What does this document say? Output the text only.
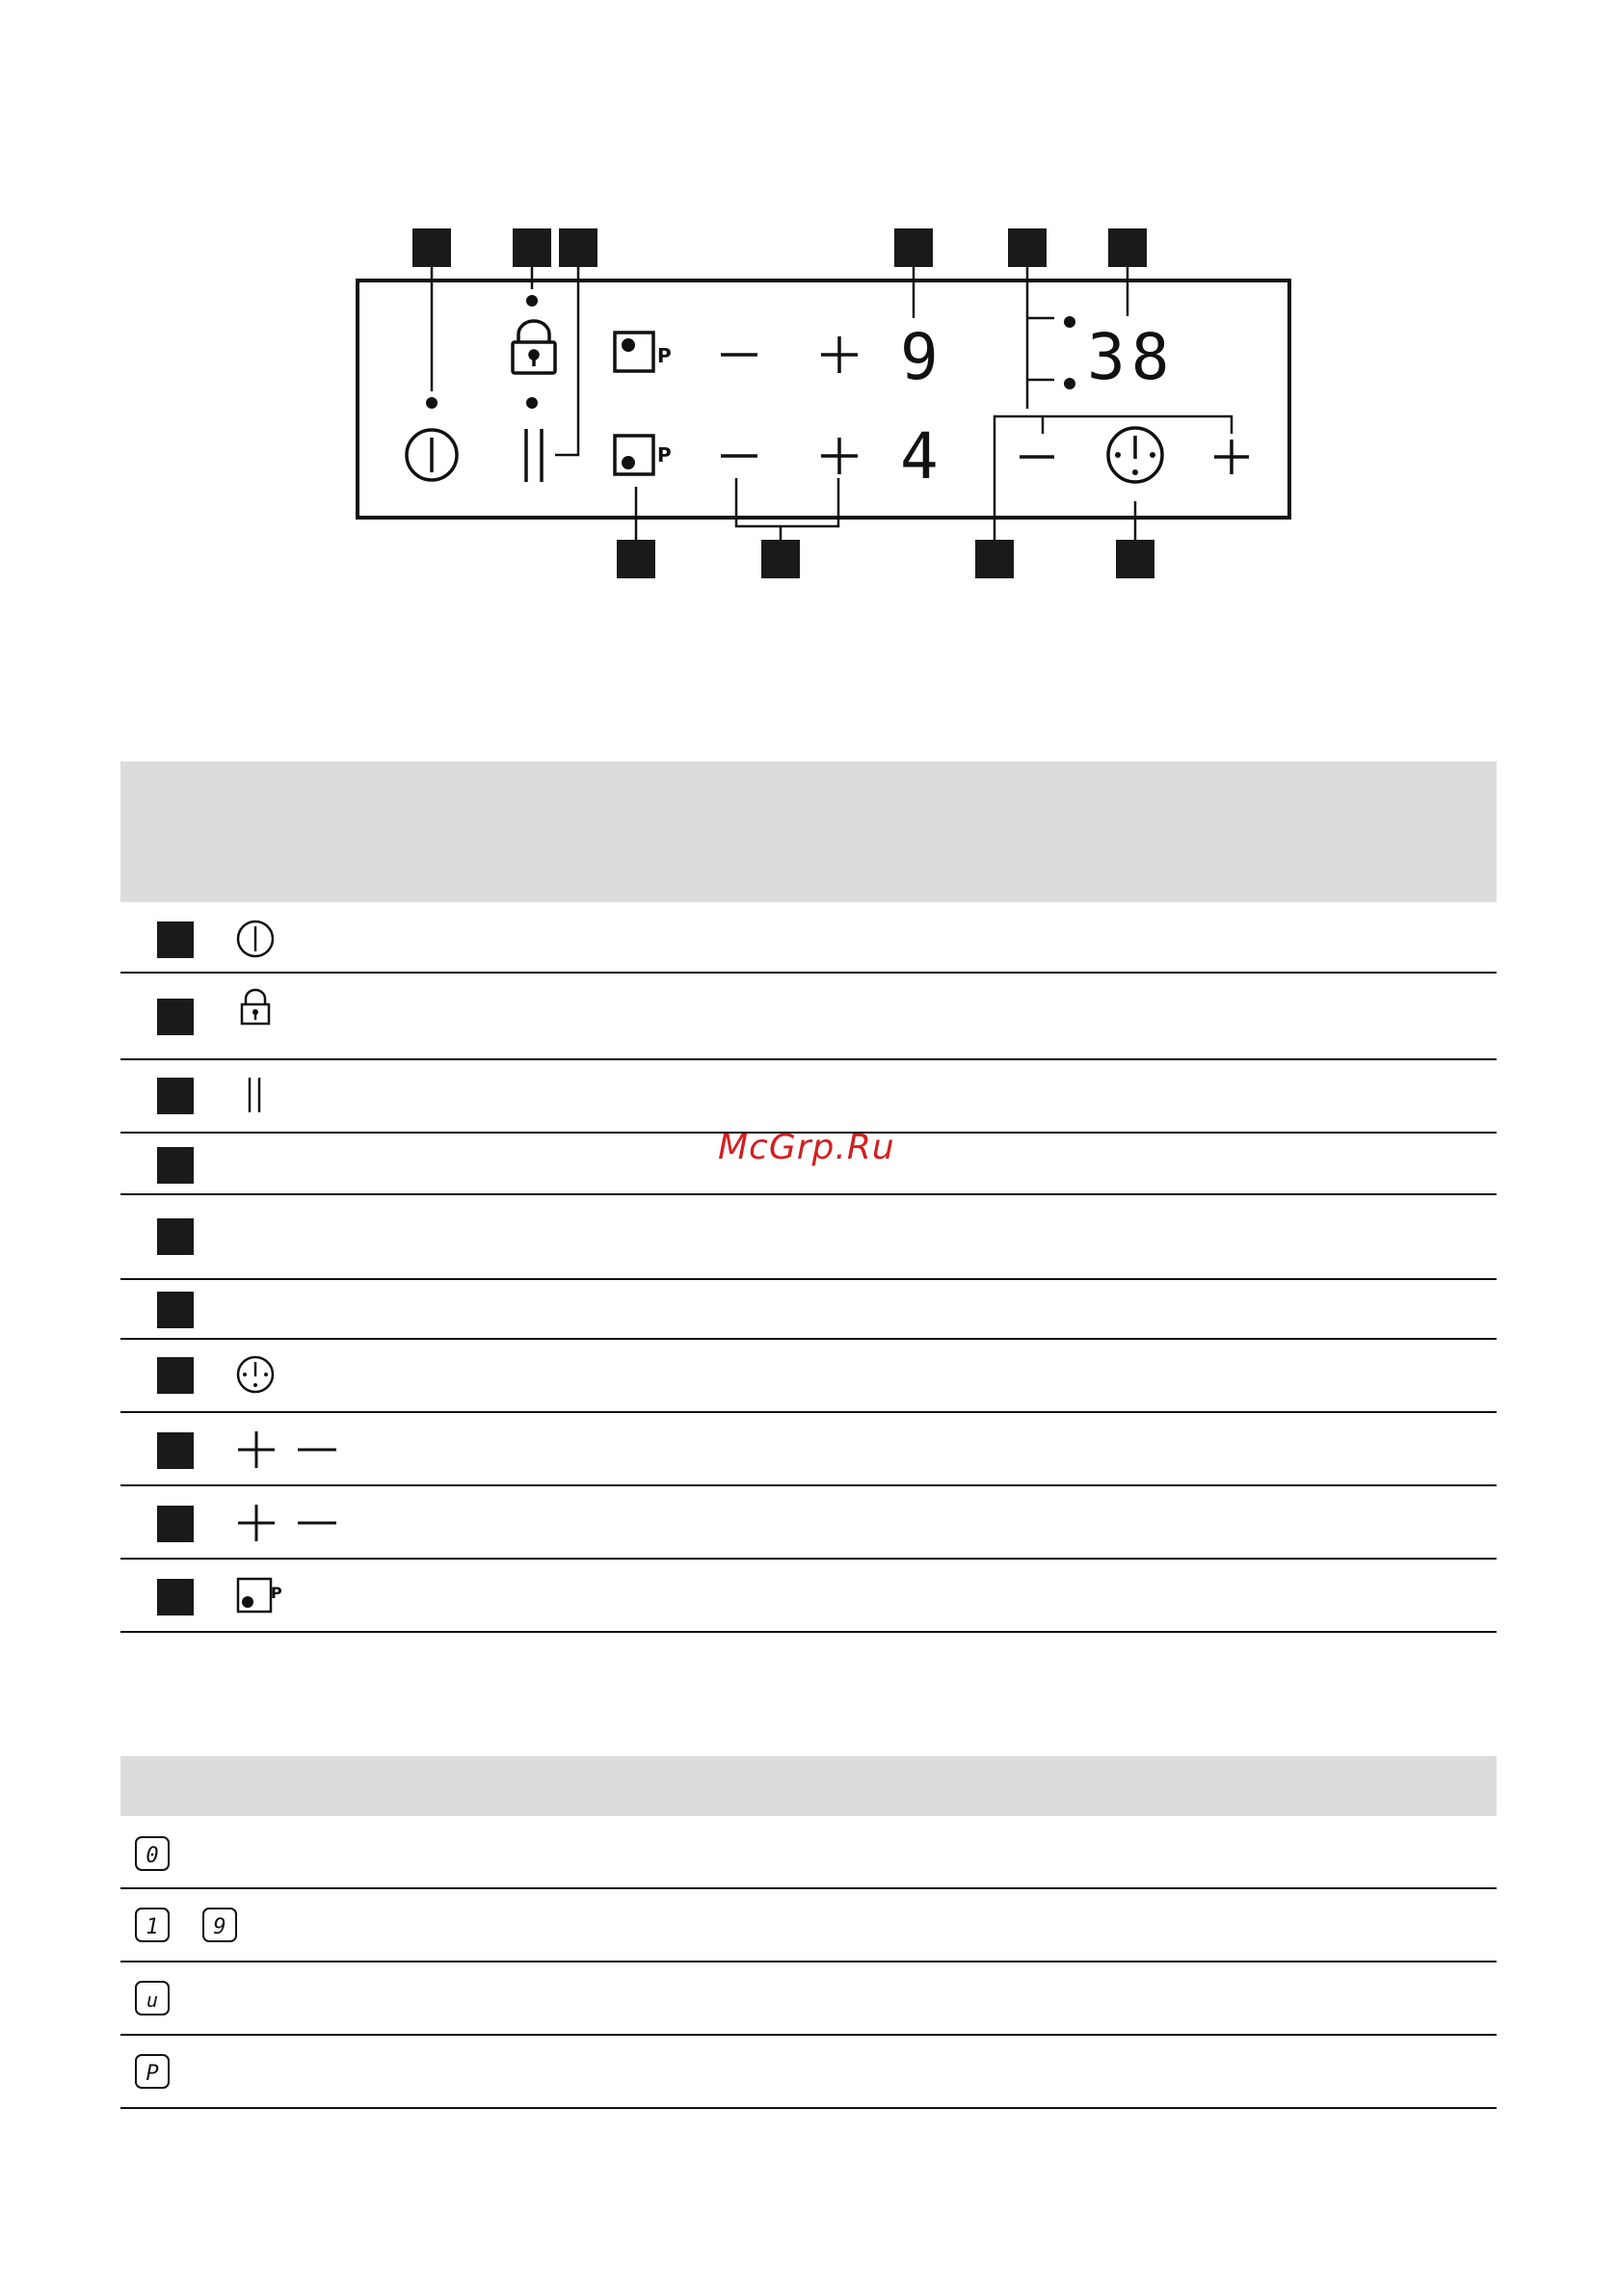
P	9
P	4
38
P
McGrp.Ru
0
1	9
u
P
